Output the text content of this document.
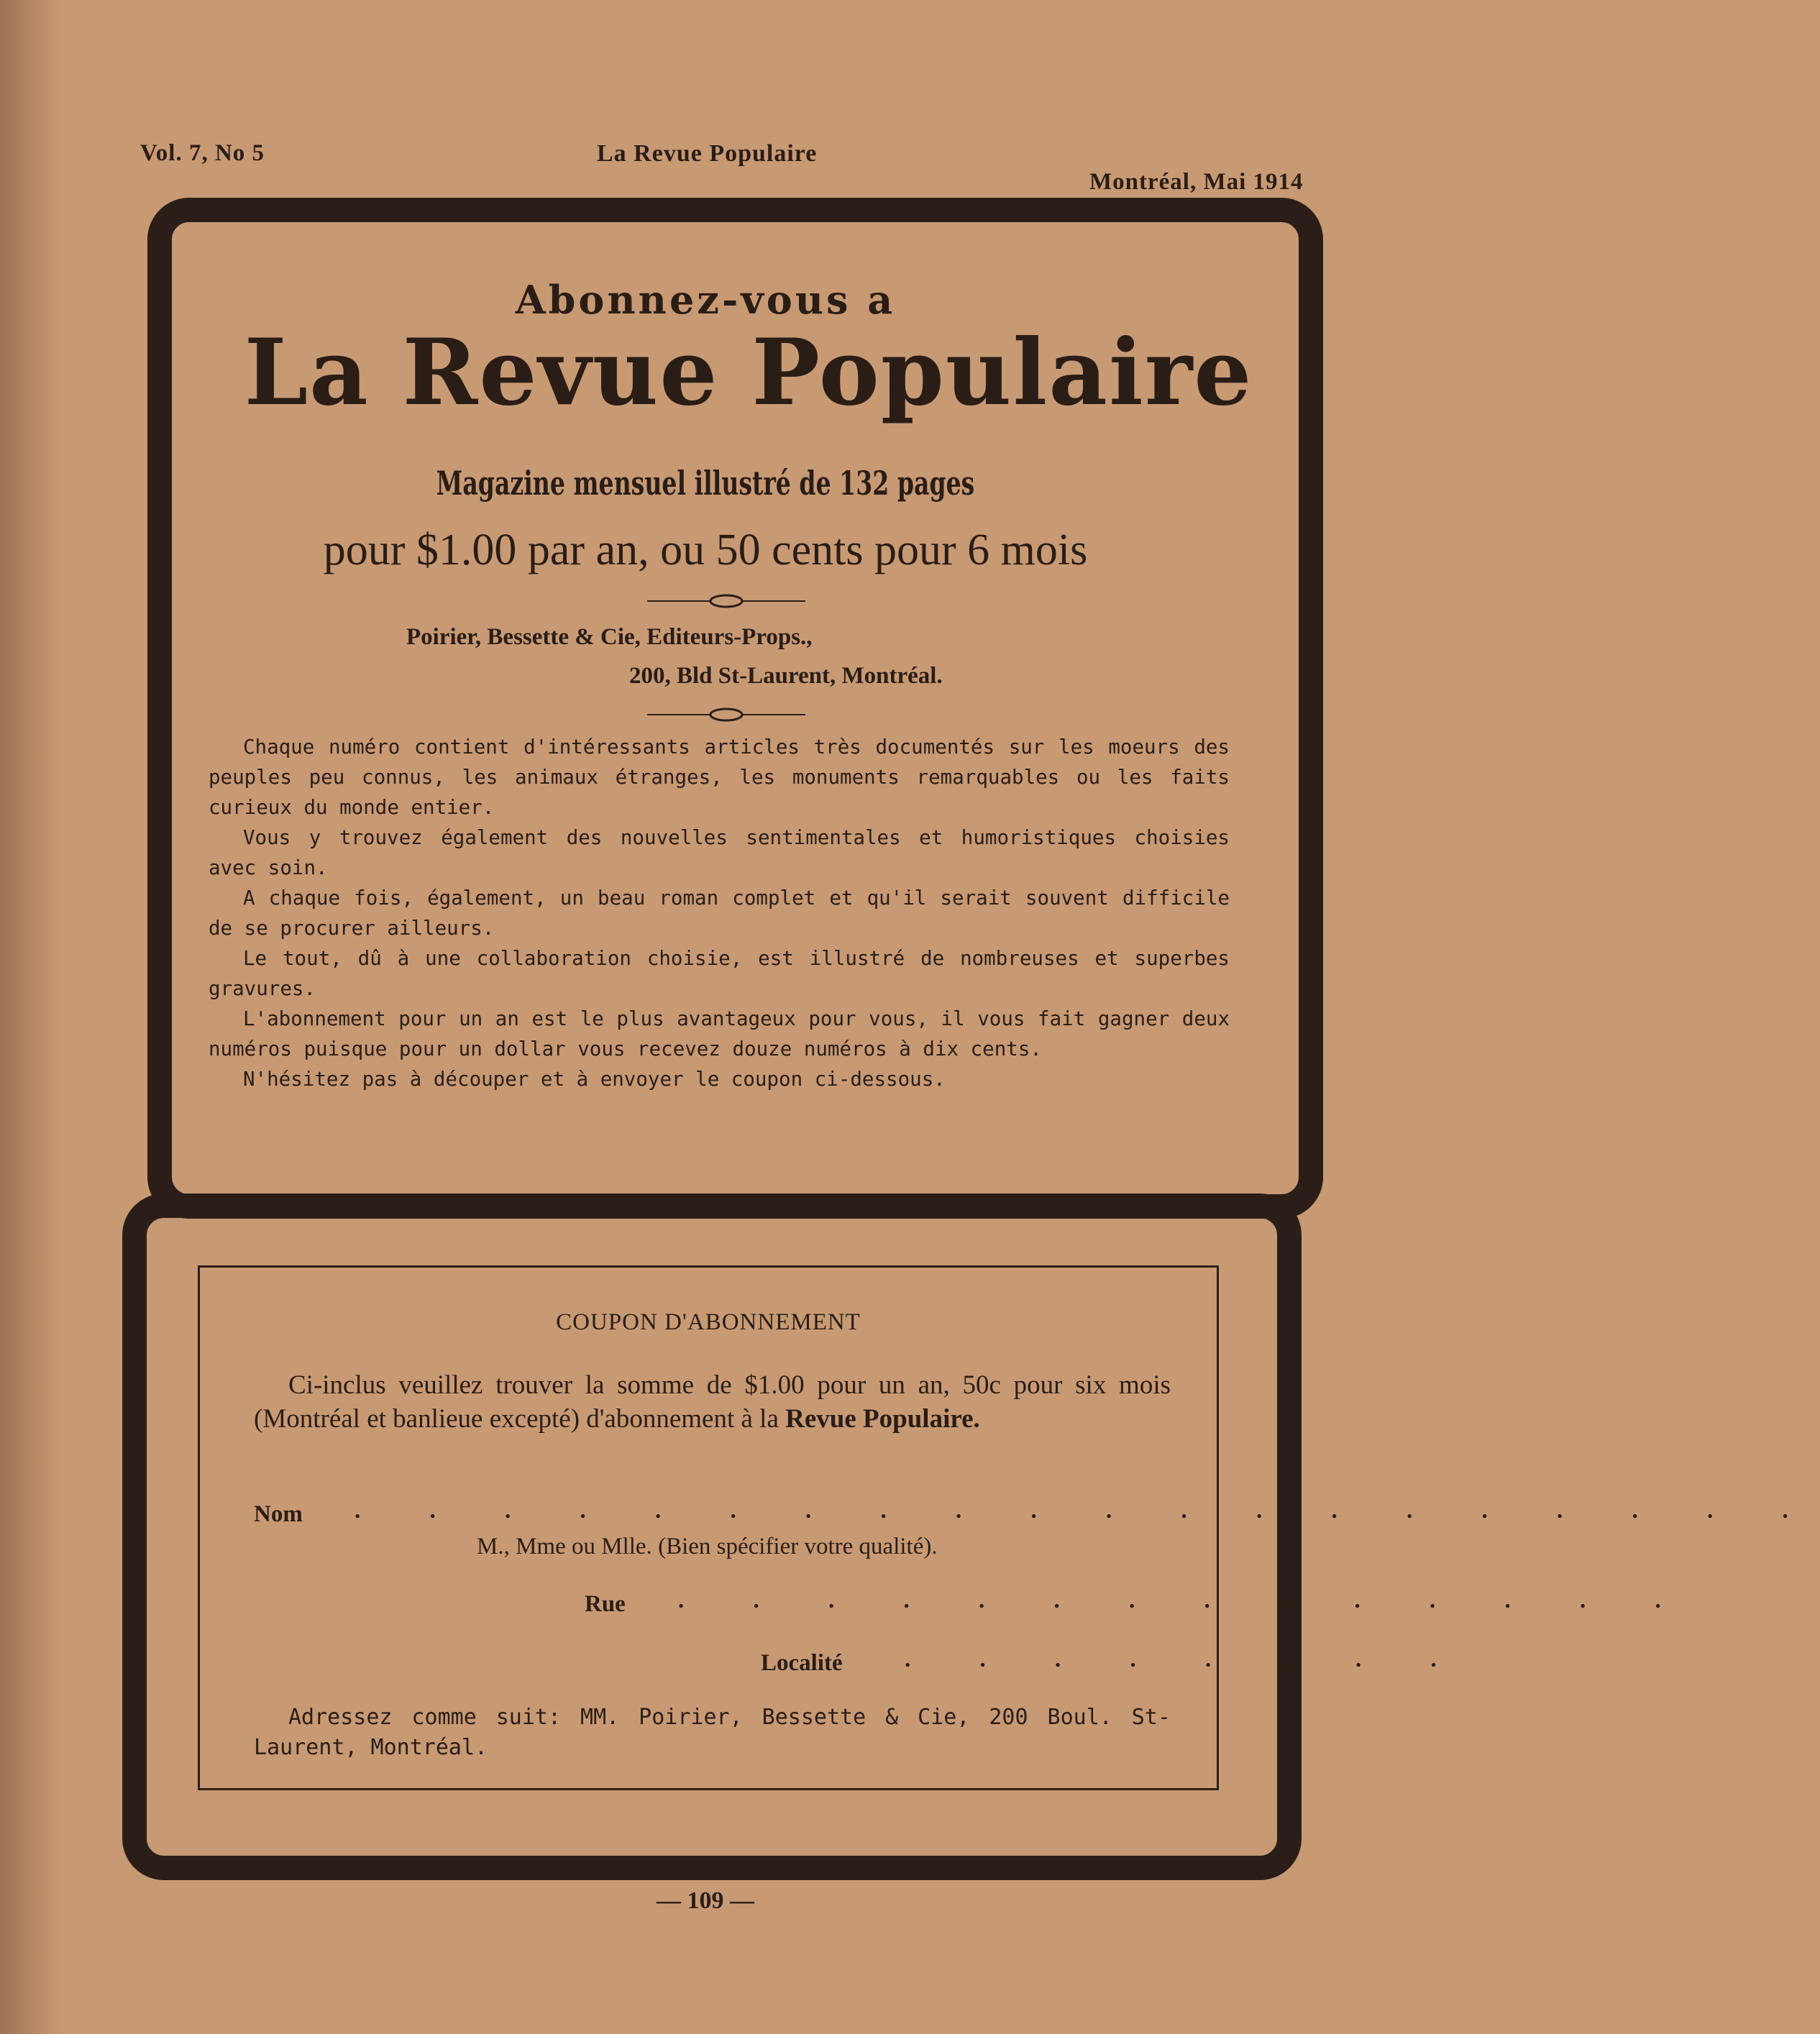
Vol. 7, No 5	La Revue Populaire
Montréal, Mai 1914
Abonnez-vous a
La Revue Populaire
Magazine mensuel illustré de 132 pages
pour $1.00 par an, ou 50 cents pour 6 mois
Poirier, Bessette & Cie, Editeurs-Props.,
200, Bld St-Laurent, Montréal.

Chaque numéro contient d'intéressants articles très documentés sur les moeurs des peuples peu connus, les animaux étranges, les monuments remarquables ou les faits curieux du monde entier.

Vous y trouvez également des nouvelles sentimentales et humoristiques choisies avec soin.

A chaque fois, également, un beau roman complet et qu'il serait souvent difficile de se procurer ailleurs.

Le tout, dû à une collaboration choisie, est illustré de nombreuses et superbes gravures.

L'abonnement pour un an est le plus avantageux pour vous, il vous fait gagner deux numéros puisque pour un dollar vous recevez douze numéros à dix cents.

N'hésitez pas à découper et à envoyer le coupon ci-dessous.

COUPON D'ABONNEMENT
Ci-inclus veuillez trouver la somme de $1.00 pour un an, 50c pour six mois (Montréal et banlieue excepté) d'abonnement à la Revue Populaire.
Nom . . . . . . . . . . . . . . . . . . . .
M., Mme ou Mlle. (Bien spécifier votre qualité).
Rue . . . . . . . . . . . . . .
Localité	. . . . . . . .
Adressez comme suit: MM. Poirier, Bessette & Cie, 200 Boul. St-Laurent, Montréal.
— 109 —
